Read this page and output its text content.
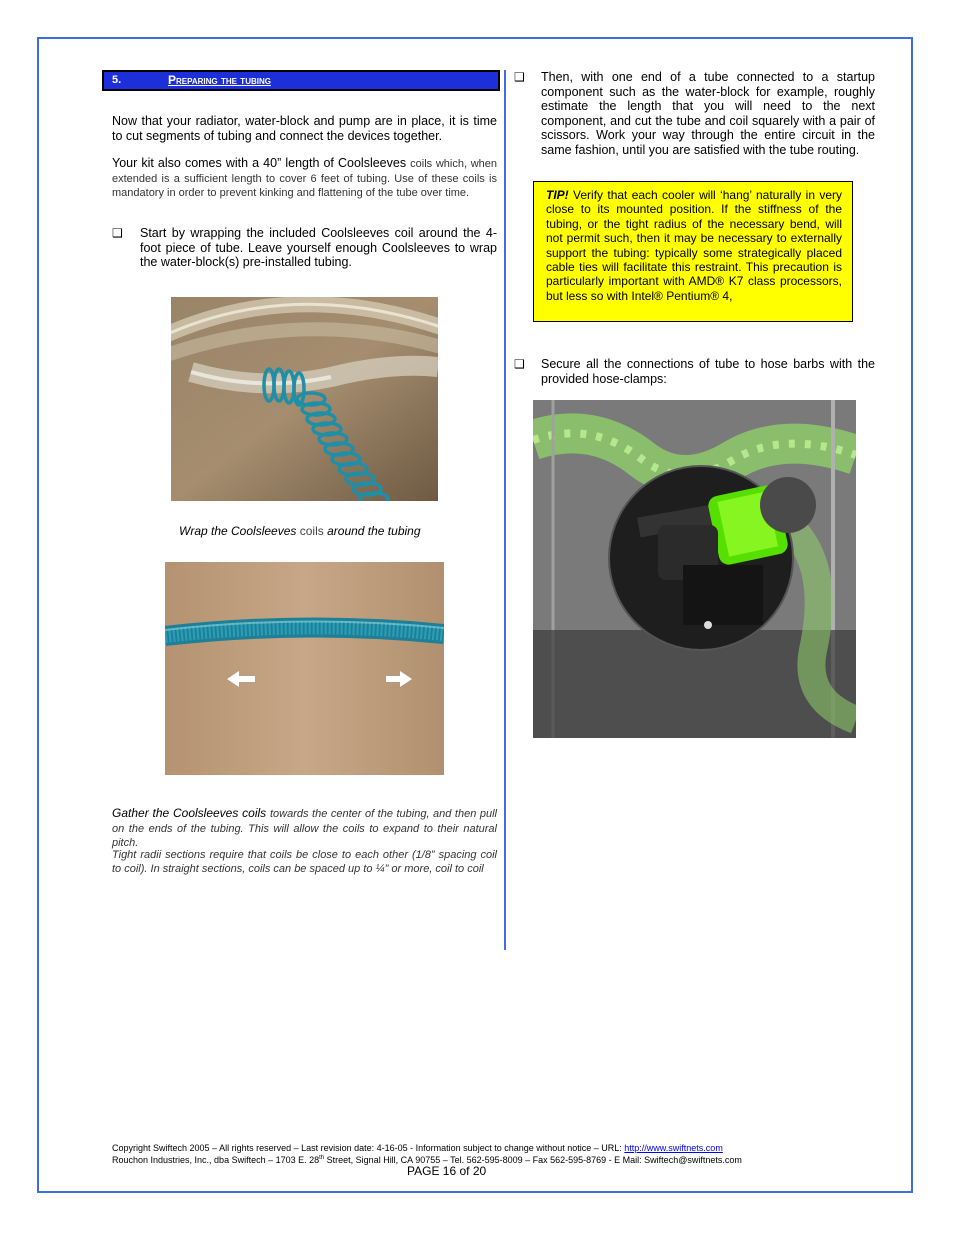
5.	Preparing the tubing
Now that your radiator, water-block and pump are in place, it is time to cut segments of tubing and connect the devices together.
Your kit also comes with a 40” length of Coolsleeves coils which, when extended is a sufficient length to cover 6 feet of tubing. Use of these coils is mandatory in order to prevent kinking and flattening of the tube over time.
❑ Start by wrapping the included Coolsleeves coil around the 4-foot piece of tube. Leave yourself enough Coolsleeves to wrap the water-block(s) pre-installed tubing.
Wrap the Coolsleeves coils around the tubing
Gather the Coolsleeves coils towards the center of the tubing, and then pull on the ends of the tubing. This will allow the coils to expand to their natural pitch.
Tight radii sections require that coils be close to each other (1/8” spacing coil to coil). In straight sections, coils can be spaced up to ¼” or more, coil to coil
❑ Then, with one end of a tube connected to a startup component such as the water-block for example, roughly estimate the length that you will need to the next component, and cut the tube and coil squarely with a pair of scissors. Work your way through the entire circuit in the same fashion, until you are satisfied with the tube routing.
TIP! Verify that each cooler will ‘hang’ naturally in very close to its mounted position. If the stiffness of the tubing, or the tight radius of the necessary bend, will not permit such, then it may be necessary to externally support the tubing: typically some strategically placed cable ties will facilitate this restraint. This precaution is particularly important with AMD® K7 class processors, but less so with Intel® Pentium® 4,
❑ Secure all the connections of tube to hose barbs with the provided hose-clamps:
Copyright Swiftech 2005 – All rights reserved – Last revision date: 4-16-05 - Information subject to change without notice – URL: http://www.swiftnets.com
Rouchon Industries, Inc., dba Swiftech – 1703 E. 28th Street, Signal Hill, CA 90755 – Tel. 562-595-8009 – Fax 562-595-8769 - E Mail: Swiftech@swiftnets.com
PAGE 16 of 20
